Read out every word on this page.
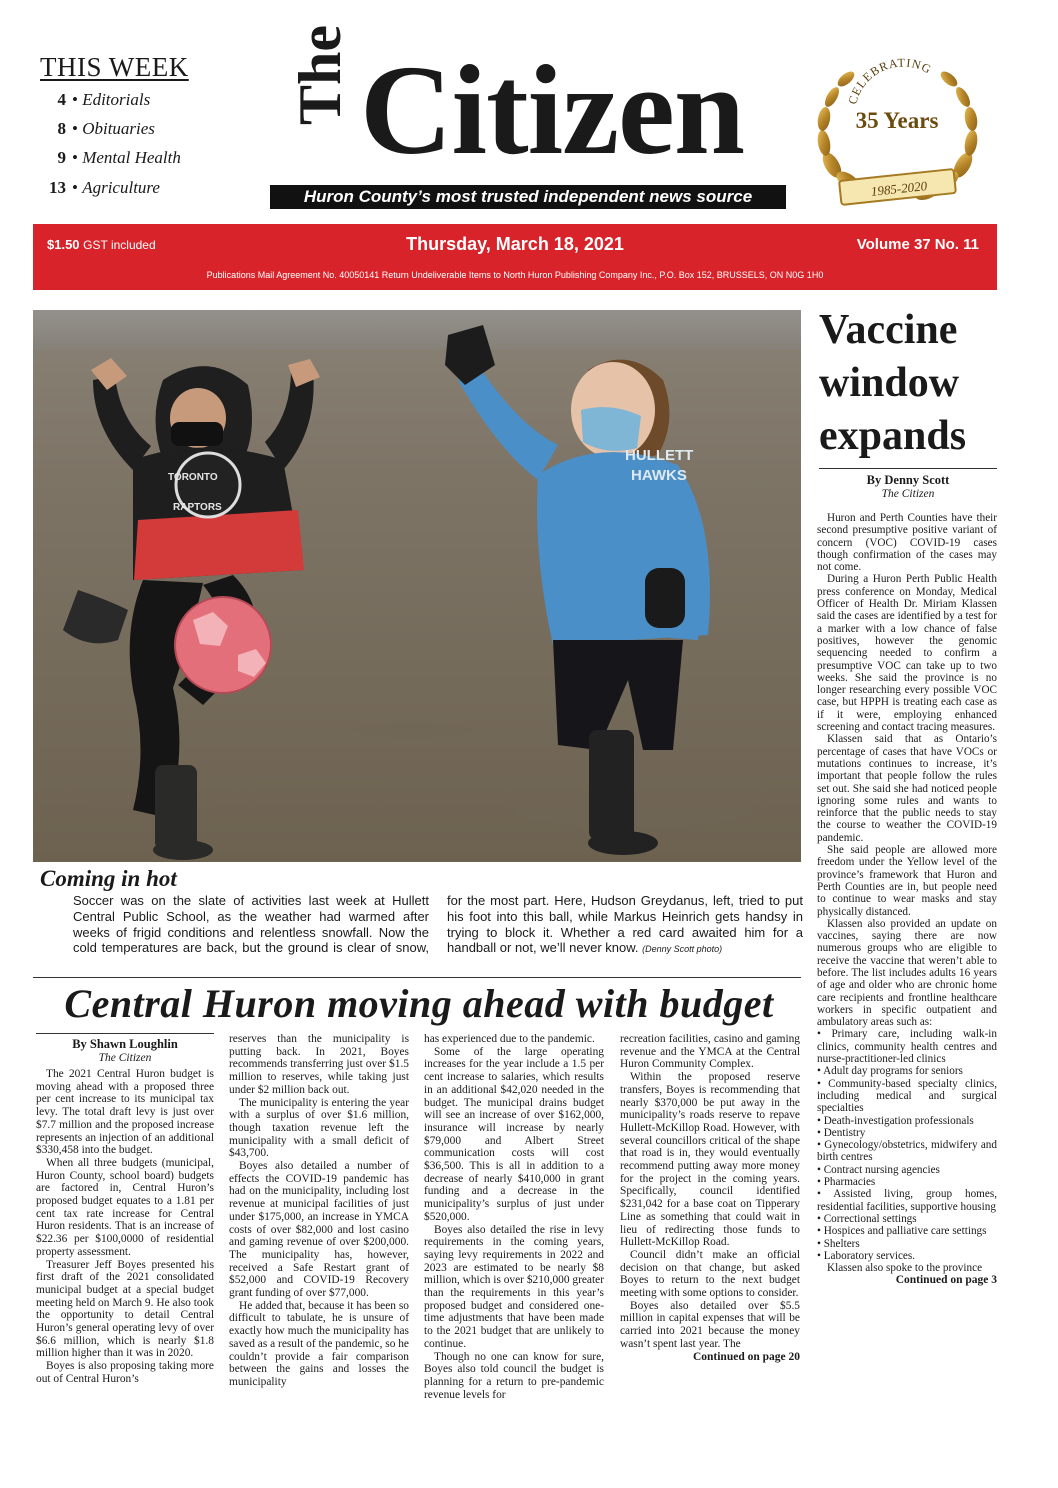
THIS WEEK
4 • Editorials
8 • Obituaries
9 • Mental Health
13 • Agriculture
The Citizen
Huron County’s most trusted independent news source
CELEBRATING
35 Years
1985-2020
$1.50 GST included	Thursday, March 18, 2021	Volume 37 No. 11
Publications Mail Agreement No. 40050141 Return Undeliverable Items to North Huron Publishing Company Inc., P.O. Box 152, BRUSSELS, ON N0G 1H0
HULLETT
HAWKS
TORONTO
RAPTORS
Coming in hot
Soccer was on the slate of activities last week at Hullett Central Public School, as the weather had warmed after weeks of frigid conditions and relentless snowfall. Now the cold temperatures are back, but the ground is clear of snow, for the most part. Here, Hudson Greydanus, left, tried to put his foot into this ball, while Markus Heinrich gets handsy in trying to block it. Whether a red card awaited him for a handball or not, we’ll never know. (Denny Scott photo)
Central Huron moving ahead with budget
By Shawn Loughlin
The Citizen

The 2021 Central Huron budget is moving ahead with a proposed three per cent increase to its municipal tax levy. The total draft levy is just over $7.7 million and the proposed increase represents an injection of an additional $330,458 into the budget.

When all three budgets (municipal, Huron County, school board) budgets are factored in, Central Huron’s proposed budget equates to a 1.81 per cent tax rate increase for Central Huron residents. That is an increase of $22.36 per $100,0000 of residential property assessment.

Treasurer Jeff Boyes presented his first draft of the 2021 consolidated municipal budget at a special budget meeting held on March 9. He also took the opportunity to detail Central Huron’s general operating levy of over $6.6 million, which is nearly $1.8 million higher than it was in 2020.

Boyes is also proposing taking more out of Central Huron’s

reserves than the municipality is putting back. In 2021, Boyes recommends transferring just over $1.5 million to reserves, while taking just under $2 million back out.

The municipality is entering the year with a surplus of over $1.6 million, though taxation revenue left the municipality with a small deficit of $43,700.

Boyes also detailed a number of effects the COVID-19 pandemic has had on the municipality, including lost revenue at municipal facilities of just under $175,000, an increase in YMCA costs of over $82,000 and lost casino and gaming revenue of over $200,000. The municipality has, however, received a Safe Restart grant of $52,000 and COVID-19 Recovery grant funding of over $77,000.

He added that, because it has been so difficult to tabulate, he is unsure of exactly how much the municipality has saved as a result of the pandemic, so he couldn’t provide a fair comparison between the gains and losses the municipality

has experienced due to the pandemic.

Some of the large operating increases for the year include a 1.5 per cent increase to salaries, which results in an additional $42,020 needed in the budget. The municipal drains budget will see an increase of over $162,000, insurance will increase by nearly $79,000 and Albert Street communication costs will cost $36,500. This is all in addition to a decrease of nearly $410,000 in grant funding and a decrease in the municipality’s surplus of just under $520,000.

Boyes also detailed the rise in levy requirements in the coming years, saying levy requirements in 2022 and 2023 are estimated to be nearly $8 million, which is over $210,000 greater than the requirements in this year’s proposed budget and considered one-time adjustments that have been made to the 2021 budget that are unlikely to continue.

Though no one can know for sure, Boyes also told council the budget is planning for a return to pre-pandemic revenue levels for

recreation facilities, casino and gaming revenue and the YMCA at the Central Huron Community Complex.

Within the proposed reserve transfers, Boyes is recommending that nearly $370,000 be put away in the municipality’s roads reserve to repave Hullett-McKillop Road. However, with several councillors critical of the shape that road is in, they would eventually recommend putting away more money for the project in the coming years. Specifically, council identified $231,042 for a base coat on Tipperary Line as something that could wait in lieu of redirecting those funds to Hullett-McKillop Road.

Council didn’t make an official decision on that change, but asked Boyes to return to the next budget meeting with some options to consider.

Boyes also detailed over $5.5 million in capital expenses that will be carried into 2021 because the money wasn’t spent last year. The

Continued on page 20
Vaccine
window
expands
By Denny Scott
The Citizen

Huron and Perth Counties have their second presumptive positive variant of concern (VOC) COVID-19 cases though confirmation of the cases may not come.

During a Huron Perth Public Health press conference on Monday, Medical Officer of Health Dr. Miriam Klassen said the cases are identified by a test for a marker with a low chance of false positives, however the genomic sequencing needed to confirm a presumptive VOC can take up to two weeks. She said the province is no longer researching every possible VOC case, but HPPH is treating each case as if it were, employing enhanced screening and contact tracing measures.

Klassen said that as Ontario’s percentage of cases that have VOCs or mutations continues to increase, it’s important that people follow the rules set out. She said she had noticed people ignoring some rules and wants to reinforce that the public needs to stay the course to weather the COVID-19 pandemic.

She said people are allowed more freedom under the Yellow level of the province’s framework that Huron and Perth Counties are in, but people need to continue to wear masks and stay physically distanced.

Klassen also provided an update on vaccines, saying there are now numerous groups who are eligible to receive the vaccine that weren’t able to before. The list includes adults 16 years of age and older who are chronic home care recipients and frontline healthcare workers in specific outpatient and ambulatory areas such as:

• Primary care, including walk-in clinics, community health centres and nurse-practitioner-led clinics

• Adult day programs for seniors

• Community-based specialty clinics, including medical and surgical specialties

• Death-investigation professionals

• Dentistry

• Gynecology/obstetrics, midwifery and birth centres

• Contract nursing agencies

• Pharmacies

• Assisted living, group homes, residential facilities, supportive housing

• Correctional settings

• Hospices and palliative care settings

• Shelters

• Laboratory services.

Klassen also spoke to the province

Continued on page 3
